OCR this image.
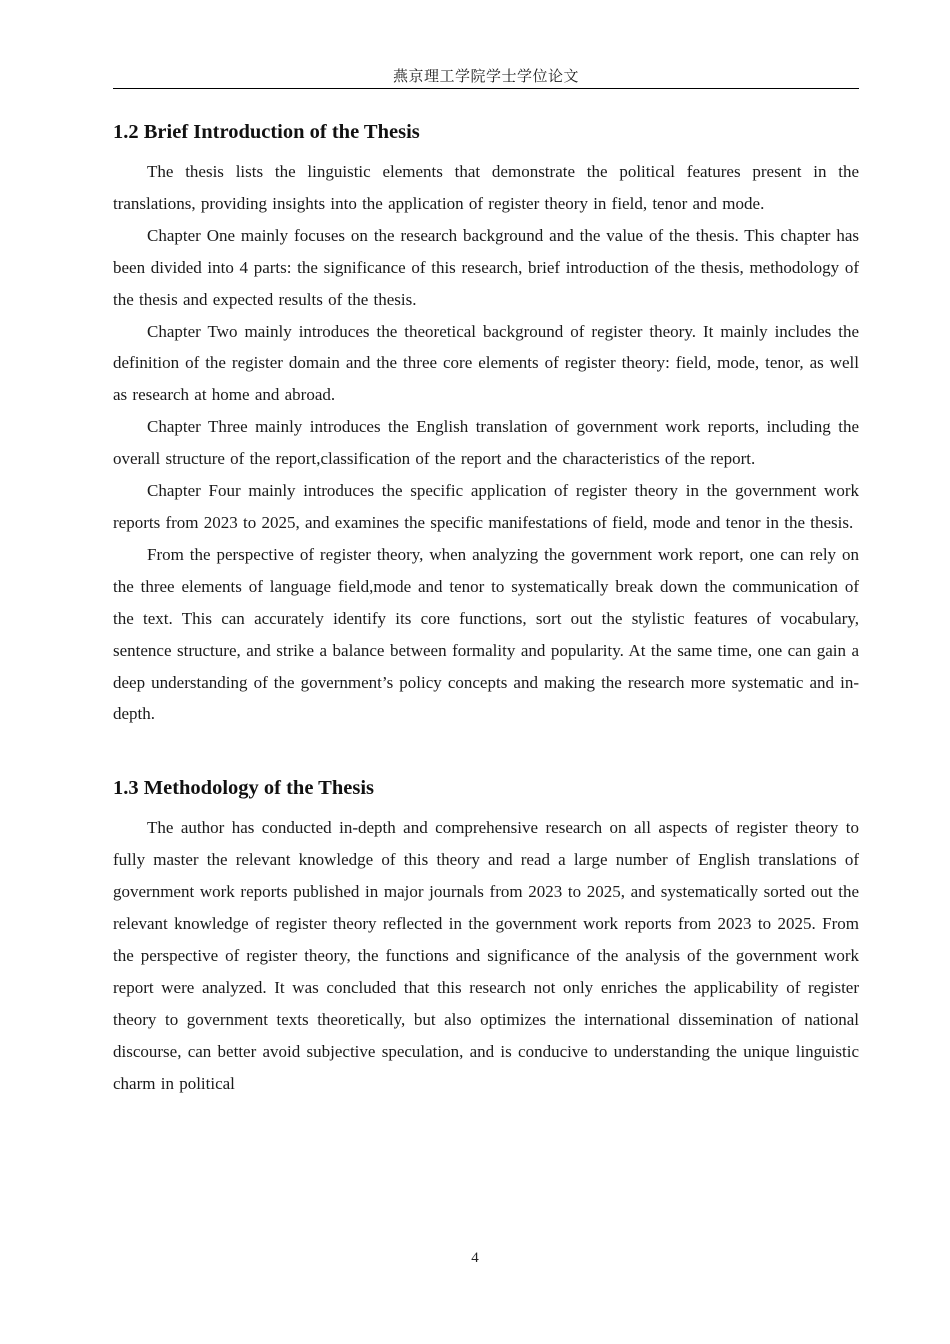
燕京理工学院学士学位论文
1.2 Brief Introduction of the Thesis

The thesis lists the linguistic elements that demonstrate the political features present in the translations, providing insights into the application of register theory in field, tenor and mode.

Chapter One mainly focuses on the research background and the value of the thesis. This chapter has been divided into 4 parts: the significance of this research, brief introduction of the thesis, methodology of the thesis and expected results of the thesis.

Chapter Two mainly introduces the theoretical background of register theory. It mainly includes the definition of the register domain and the three core elements of register theory: field, mode, tenor, as well as research at home and abroad.

Chapter Three mainly introduces the English translation of government work reports, including the overall structure of the report,classification of the report and the characteristics of the report.

Chapter Four mainly introduces the specific application of register theory in the government work reports from 2023 to 2025, and examines the specific manifestations of field, mode and tenor in the thesis.

From the perspective of register theory, when analyzing the government work report, one can rely on the three elements of language field,mode and tenor to systematically break down the communication of the text. This can accurately identify its core functions, sort out the stylistic features of vocabulary, sentence structure, and strike a balance between formality and popularity. At the same time, one can gain a deep understanding of the government’s policy concepts and making the research more systematic and in-depth.

1.3 Methodology of the Thesis

The author has conducted in-depth and comprehensive research on all aspects of register theory to fully master the relevant knowledge of this theory and read a large number of English translations of government work reports published in major journals from 2023 to 2025, and systematically sorted out the relevant knowledge of register theory reflected in the government work reports from 2023 to 2025. From the perspective of register theory, the functions and significance of the analysis of the government work report were analyzed. It was concluded that this research not only enriches the applicability of register theory to government texts theoretically, but also optimizes the international dissemination of national discourse, can better avoid subjective speculation, and is conducive to understanding the unique linguistic charm in political

4
